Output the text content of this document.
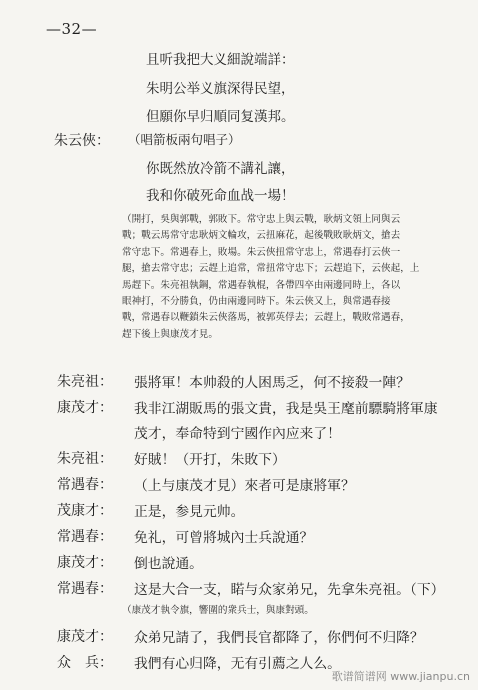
—32—
且听我把大义細說端詳：
朱明公举义旗深得民望，
但願你早归順同复漢邦。
朱云俠： （唱箭板兩句唱子）
你既然放冷箭不講礼讓，
我和你破死命血战一場！
（開打，吳與郭戰，郭敗下。常守忠上與云戰，耿炳文領上同與云
戰；戰云馬常守忠耿炳文輪攻，云扭麻花，起後戰敗耿炳文，搶去
常守忠下。常遇春上，敗場。朱云俠扭常守忠上，常遇春打云俠一
腿，搶去常守忠；云趕上追常，常扭常守忠下；云趕追下，云俠起，上
馬趕下。朱亮祖執鋼，常遇春執棍，各帶四卒由兩邊同時上，各以
眼神打，不分勝負，仍由兩邊同時下。朱云俠又上，與常遇春接
戰，常遇春以鞭鎖朱云俠落馬，被郭英俘去；云趕上，戰敗常遇春，
趕下後上與康茂才見。
朱亮祖： 張將軍！本帅殺的人困馬乏，何不接殺一陣？
康茂才： 我非江湖販馬的張文貴，我是吳王麾前驃騎將軍康
茂才，奉命特到宁國作內应来了！
朱亮祖： 好賊！（开打，朱敗下）
常遇春： （上与康茂才見）來者可是康將軍？
茂康才： 正是，参見元帅。
常遇春： 免礼，可曾將城內士兵說通？
康茂才： 倒也說通。
常遇春： 这是大合一支，睰与众家弟兄，先拿朱亮祖。（下）
（康茂才執令旗，響圍的衆兵士，與康對頭。
康茂才： 众弟兄請了，我們長官都降了，你們何不归降？
众　兵： 我們有心归降，无有引薦之人么。
歌谱简谱网 www.jianpu.cn
